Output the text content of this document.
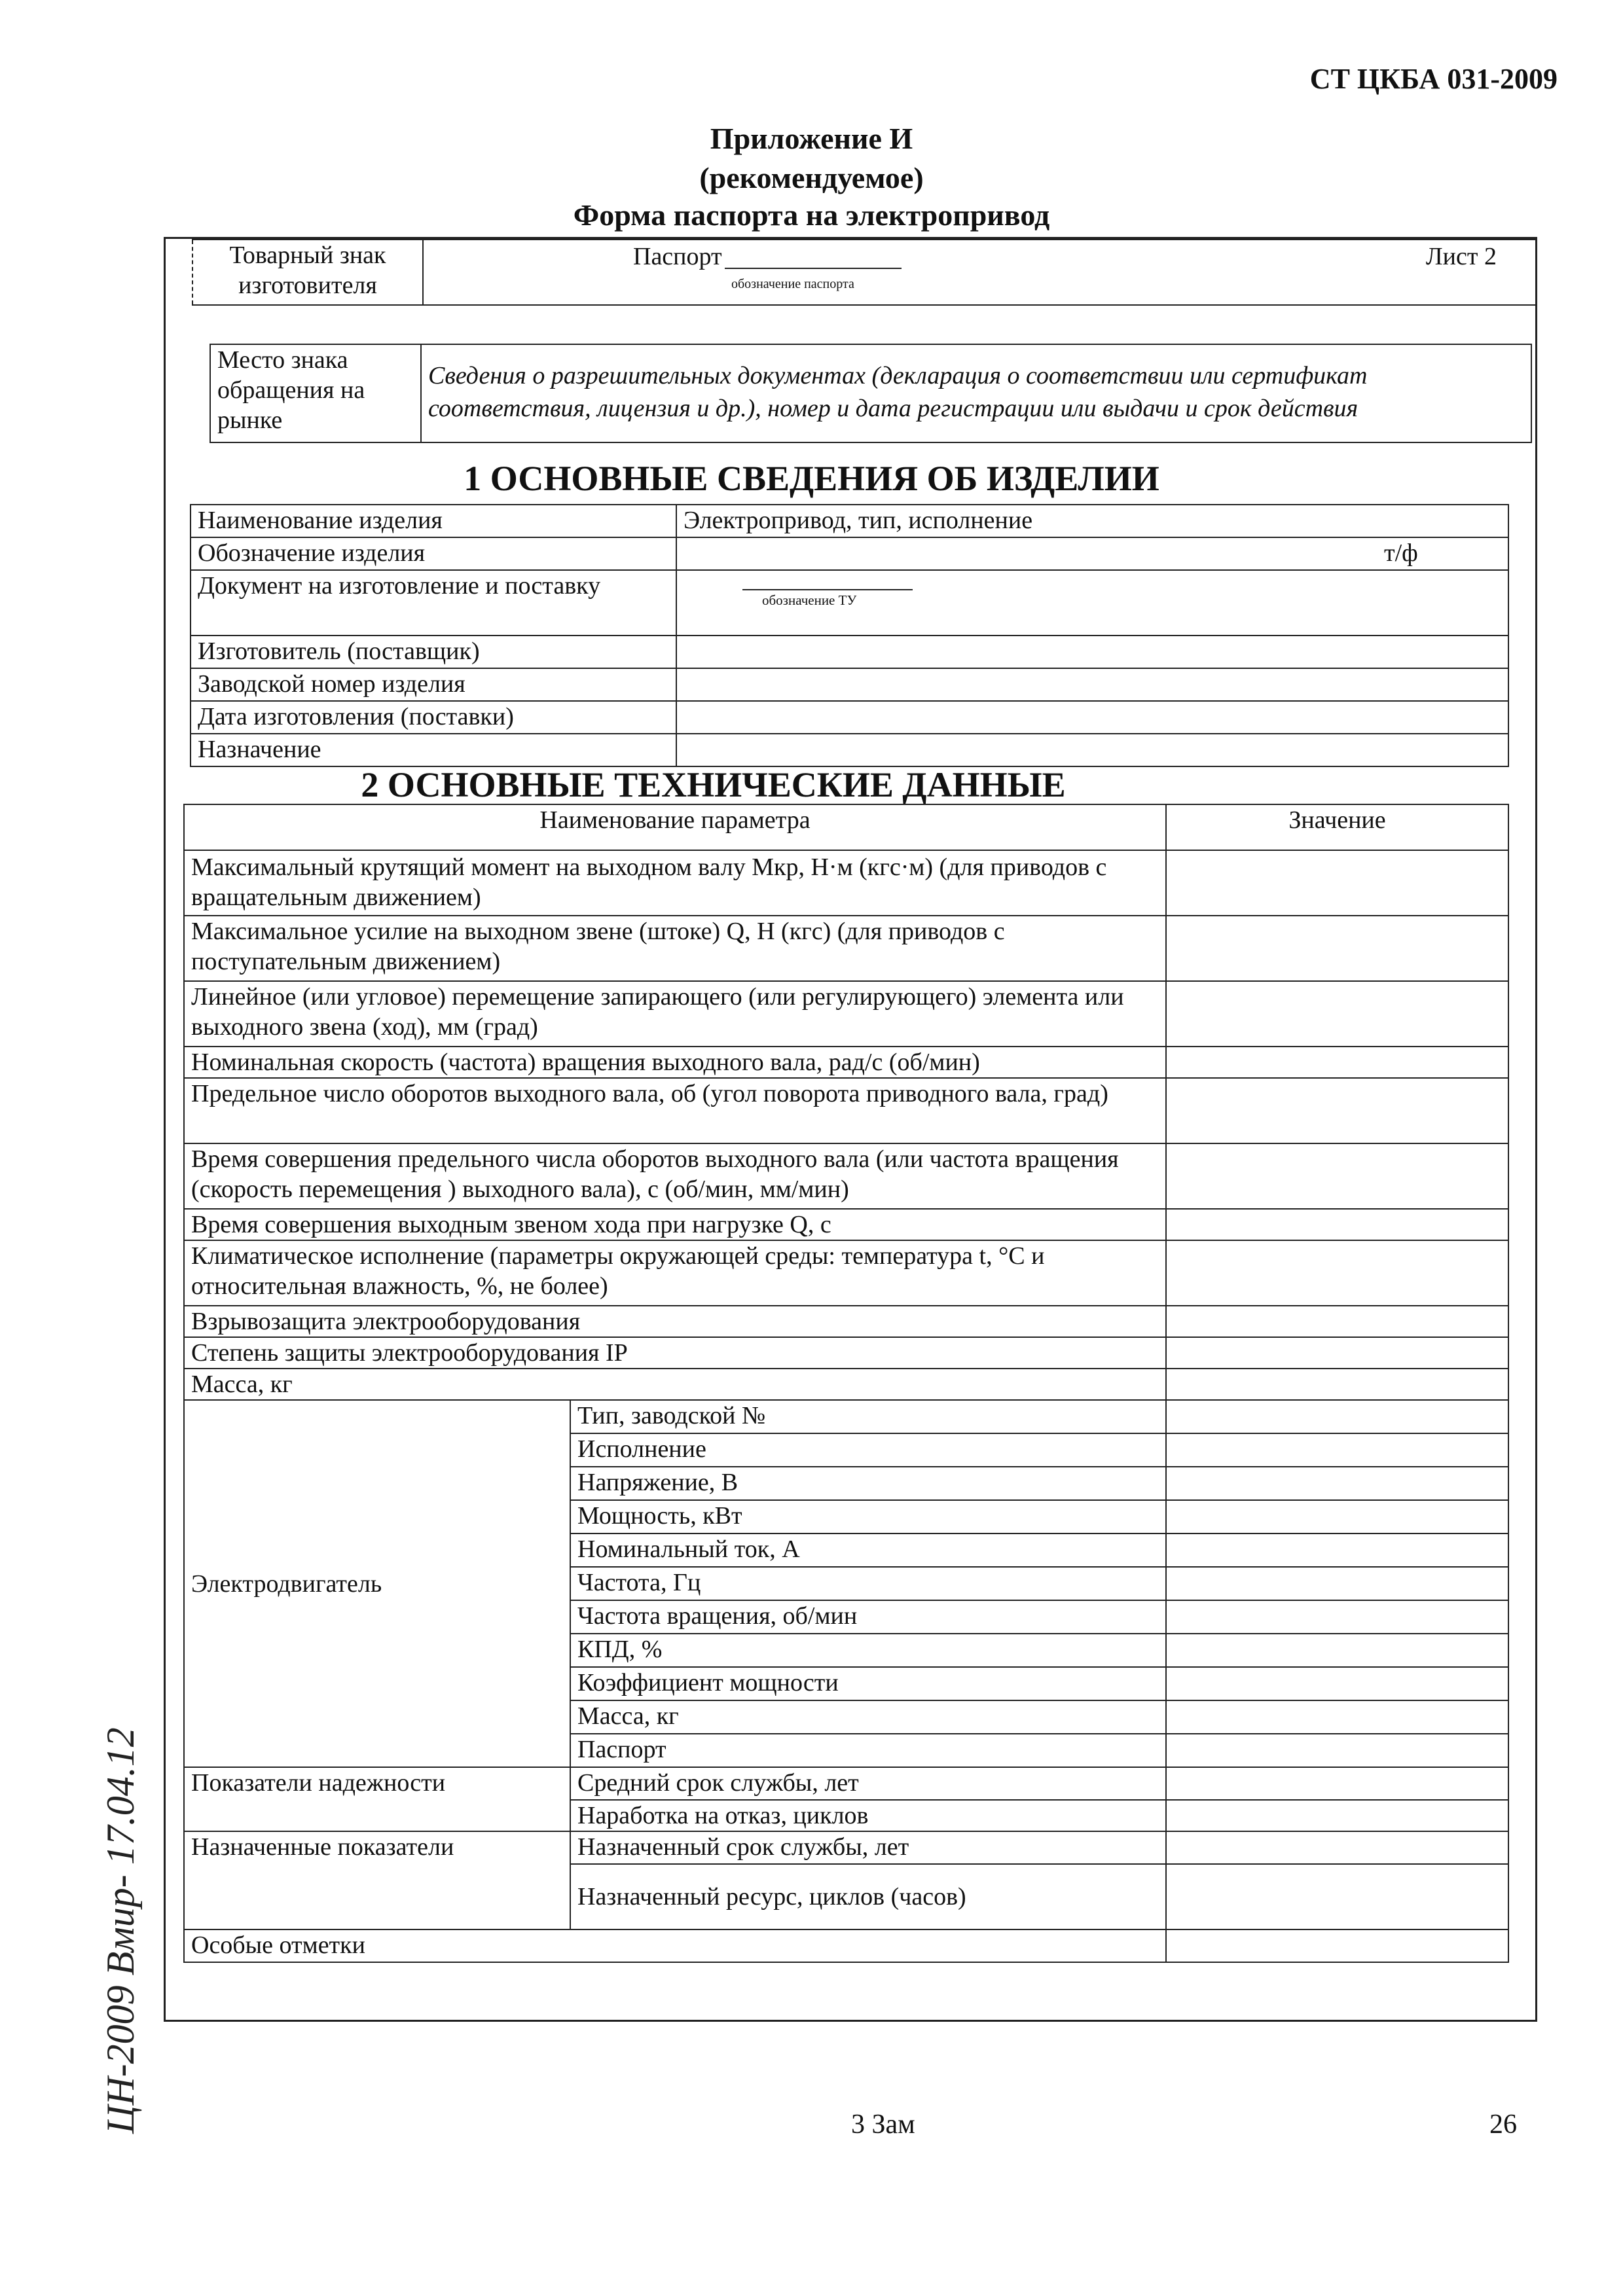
СТ ЦКБА 031-2009
Приложение И
(рекомендуемое)
Форма паспорта на электропривод
Товарный знак изготовителя	
Паспорт
обозначение паспорта
Лист 2
Место знака обращения на рынке	Сведения о разрешительных документах (декларация о соответствии или сертификат соответствия, лицензия и др.), номер и дата регистрации или выдачи и срок действия
1 ОСНОВНЫЕ СВЕДЕНИЯ ОБ ИЗДЕЛИИ
Наименование изделия	Электропривод, тип, исполнение
Обозначение изделия	т/ф
Документ на изготовление и поставку	обозначение ТУ

Изготовитель (поставщик)	
Заводской номер изделия	
Дата изготовления (поставки)	
Назначение	
2 ОСНОВНЫЕ ТЕХНИЧЕСКИЕ ДАННЫЕ
Наименование параметра		Значение
Максимальный крутящий момент на выходном валу Мкр, Н·м (кгс·м) (для приводов с вращательным движением)		
Максимальное усилие на выходном звене (штоке) Q, Н (кгс) (для приводов с поступательным движением)		
Линейное (или угловое) перемещение запирающего (или регулирующего) элемента или выходного звена (ход), мм (град)		
Номинальная скорость (частота) вращения выходного вала, рад/с (об/мин)		
Предельное число оборотов выходного вала, об (угол поворота приводного вала, град)		
Время совершения предельного числа оборотов выходного вала (или частота вращения (скорость перемещения ) выходного вала), с (об/мин, мм/мин)		
Время совершения выходным звеном хода при нагрузке Q, с		
Климатическое исполнение (параметры окружающей среды: температура t, °С и относительная влажность, %, не более)		
Взрывозащита электрооборудования		
Степень защиты электрооборудования IP		
Масса, кг		
Электродвигатель	Тип, заводской №	
	Исполнение	
	Напряжение, В	
	Мощность, кВт	
	Номинальный ток, А	
	Частота, Гц	
	Частота вращения, об/мин	
	КПД, %	
	Коэффициент мощности	
	Масса, кг	
	Паспорт	
Показатели надежности	Средний срок службы, лет	
	Наработка на отказ, циклов	
Назначенные показатели	Назначенный срок службы, лет	
	Назначенный ресурс, циклов (часов)	
Особые отметки		
3 Зам	26
ЦН-2009 Вмир- 17.04.12
